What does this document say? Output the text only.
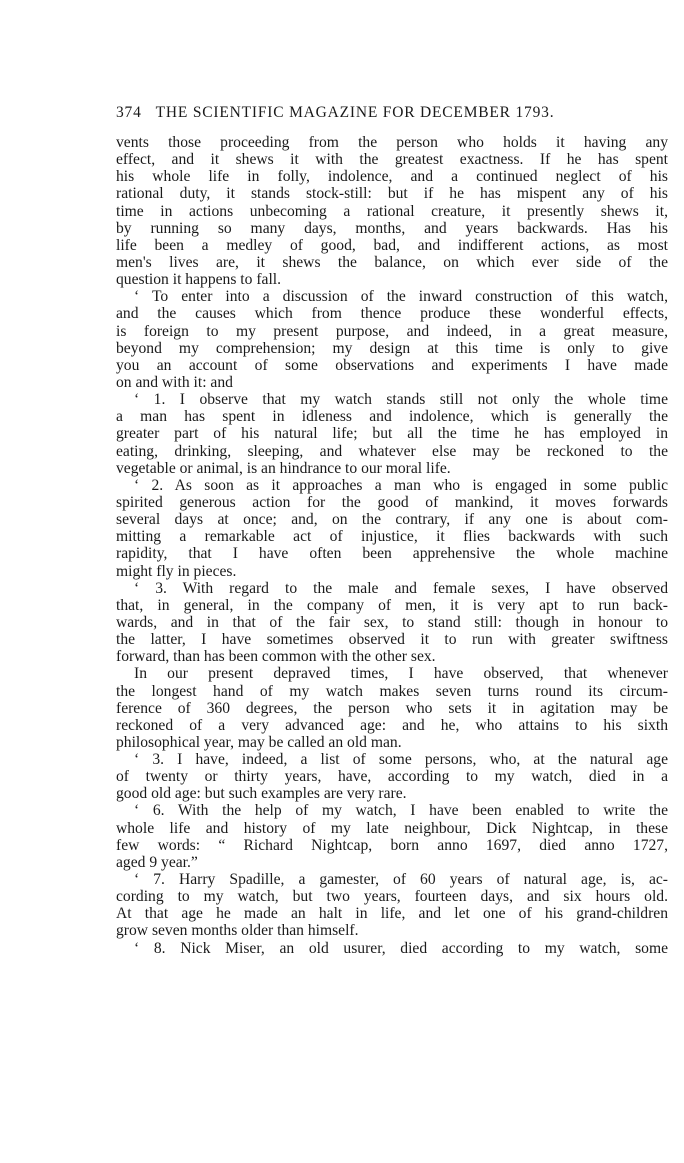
374 THE SCIENTIFIC MAGAZINE FOR DECEMBER 1793.
vents those proceeding from the person who holds it having any
effect, and it shews it with the greatest exactness. If he has spent
his whole life in folly, indolence, and a continued neglect of his
rational duty, it stands stock-still: but if he has mispent any of his
time in actions unbecoming a rational creature, it presently shews it,
by running so many days, months, and years backwards. Has his
life been a medley of good, bad, and indifferent actions, as most
men's lives are, it shews the balance, on which ever side of the
question it happens to fall.
‘ To enter into a discussion of the inward construction of this watch,
and the causes which from thence produce these wonderful effects,
is foreign to my present purpose, and indeed, in a great measure,
beyond my comprehension; my design at this time is only to give
you an account of some observations and experiments I have made
on and with it: and
‘ 1. I observe that my watch stands still not only the whole time
a man has spent in idleness and indolence, which is generally the
greater part of his natural life; but all the time he has employed in
eating, drinking, sleeping, and whatever else may be reckoned to the
vegetable or animal, is an hindrance to our moral life.
‘ 2. As soon as it approaches a man who is engaged in some public
spirited generous action for the good of mankind, it moves forwards
several days at once; and, on the contrary, if any one is about com-
mitting a remarkable act of injustice, it flies backwards with such
rapidity, that I have often been apprehensive the whole machine
might fly in pieces.
‘ 3. With regard to the male and female sexes, I have observed
that, in general, in the company of men, it is very apt to run back-
wards, and in that of the fair sex, to stand still: though in honour to
the latter, I have sometimes observed it to run with greater swiftness
forward, than has been common with the other sex.
In our present depraved times, I have observed, that whenever
the longest hand of my watch makes seven turns round its circum-
ference of 360 degrees, the person who sets it in agitation may be
reckoned of a very advanced age: and he, who attains to his sixth
philosophical year, may be called an old man.
‘ 3. I have, indeed, a list of some persons, who, at the natural age
of twenty or thirty years, have, according to my watch, died in a
good old age: but such examples are very rare.
‘ 6. With the help of my watch, I have been enabled to write the
whole life and history of my late neighbour, Dick Nightcap, in these
few words: “ Richard Nightcap, born anno 1697, died anno 1727,
aged 9 year.”
‘ 7. Harry Spadille, a gamester, of 60 years of natural age, is, ac-
cording to my watch, but two years, fourteen days, and six hours old.
At that age he made an halt in life, and let one of his grand-children
grow seven months older than himself.
‘ 8. Nick Miser, an old usurer, died according to my watch, some
